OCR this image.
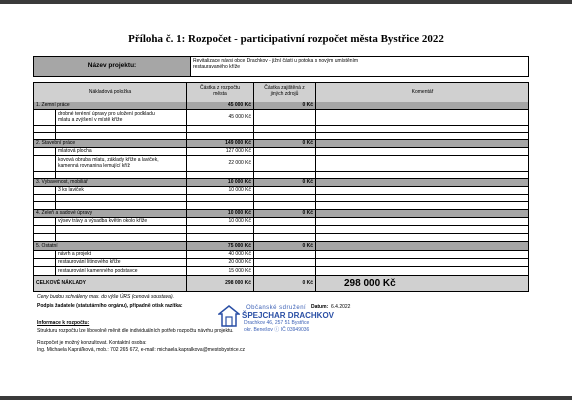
Příloha č. 1: Rozpočet - participativní rozpočet města Bystřice 2022
Název projektu:
Revitalizace návsi obce Drachkov - jižní části u potoka s novým umístěním
restauravaného kříže
Nákladová položka
Částka z rozpočtu
města
Částka zajištěná z
jiných zdrojů	Komentář
1. Zemní práce	45 000 Kč	0 Kč
drobné terénní úpravy pro uložení podkladu
mlatu a zvýšení v místě kříže	45 000 Kč
2. Stavební práce	149 000 Kč	0 Kč
mlatová plocha	127 000 Kč
kovová obruba mlatu, základy kříže a laviček,
kamenná rovnanina lemující kříž	22 000 Kč
3. Vybavenost, mobiliář	10 000 Kč	0 Kč
3 ks laviček	10 000 Kč
4. Zeleň a sadové úpravy	10 000 Kč	0 Kč
výsev trávy a výsadba květin okolo kříže	10 000 Kč
5. Ostatní	75 000 Kč	0 Kč
návrh a projekt	40 000 Kč
restaurování litinového kříže	20 000 Kč
restaurování kamenného podstavce	15 000 Kč
CELKOVÉ NÁKLADY	298 000 Kč	0 Kč	298 000 Kč
Ceny budou schváleny max. do výše ÚRS (cenová soustava).
Podpis žadatele (statutárního orgánu), případně otisk razítka:	Datum: 6.4.2022
Informace k rozpočtu:
Strukturu rozpočtu lze libovolně měnit dle individuálních potřeb rozpočtu návrhu projektu.
Rozpočet je možný konzultovat. Kontaktní osoba:
Ing. Michaela Kapráľková, mob.: 702 265 672, e-mail: michaela.kapralkova@mestobystrice.cz
Občanské sdružení
ŠPEJCHAR DRACHKOV
Drachkov 46, 257 51 Bystřice
okr. Benešov ⓘ IČ 03949036
